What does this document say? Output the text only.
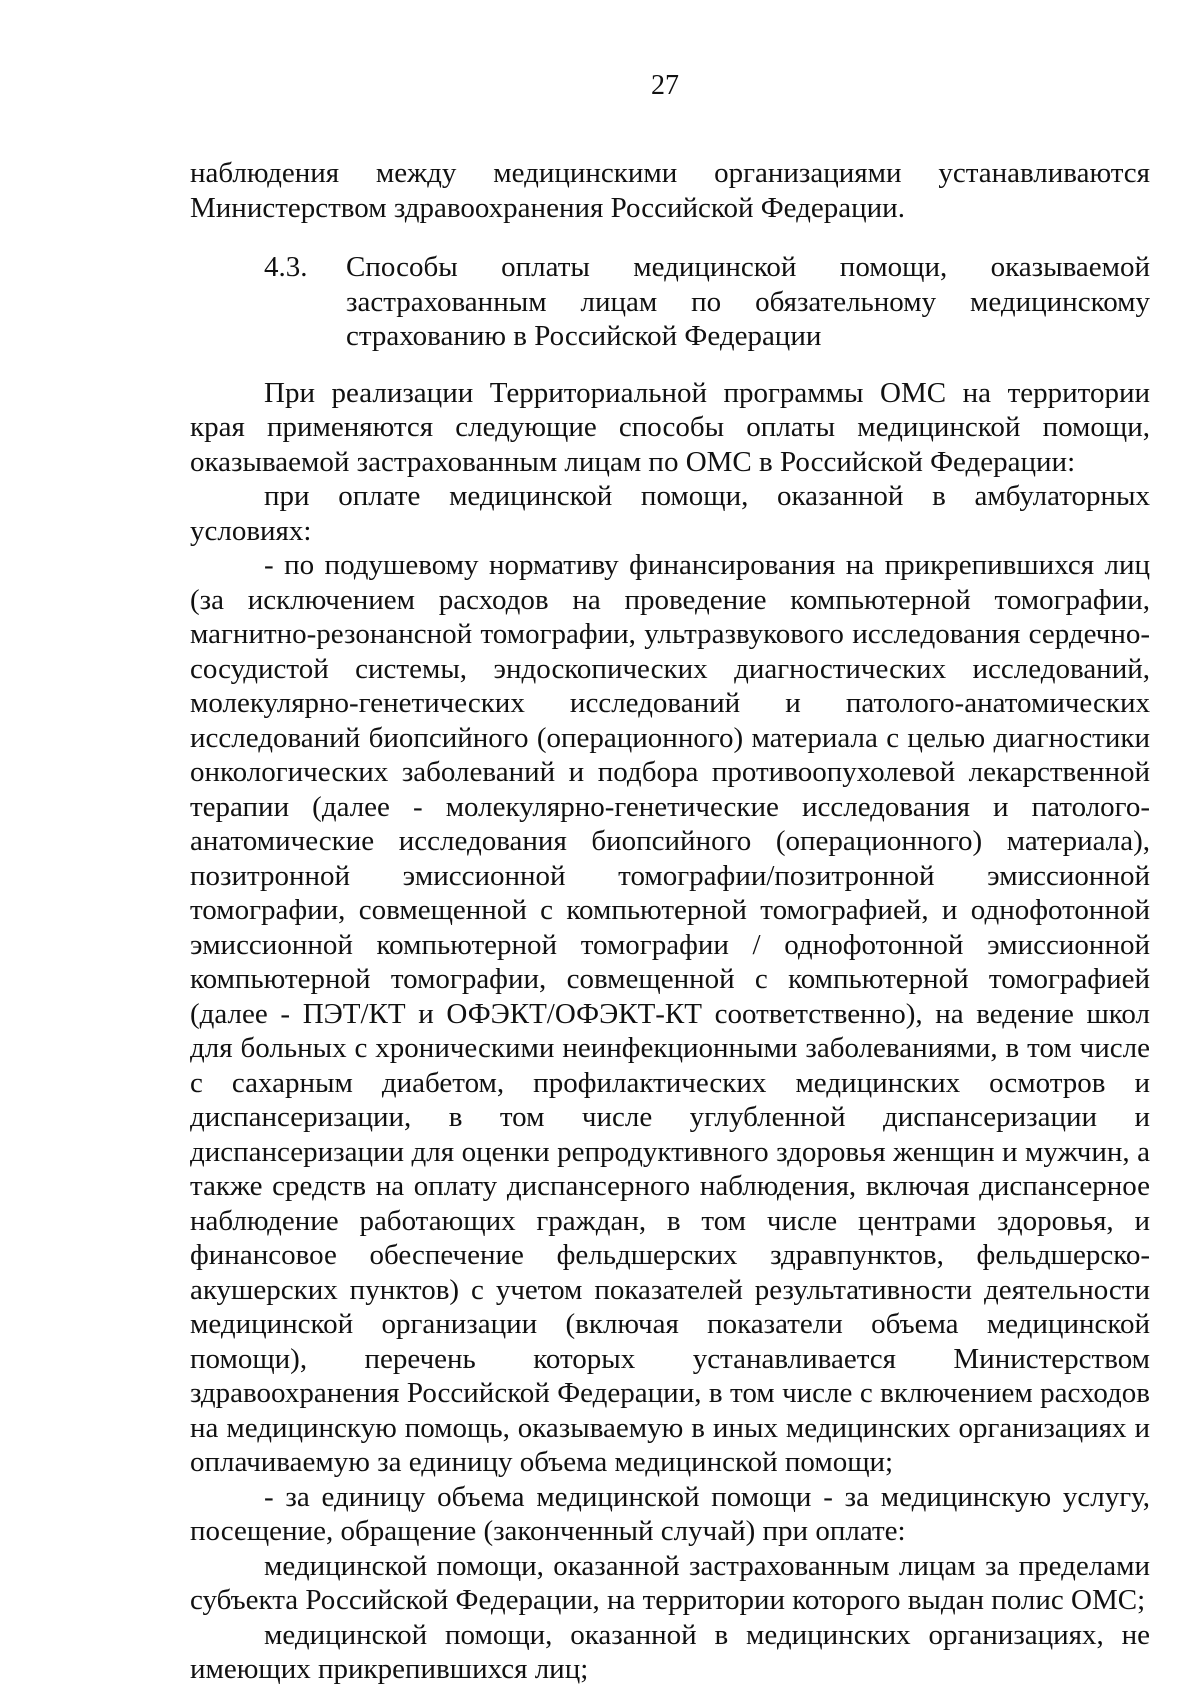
27

наблюдения между медицинскими организациями устанавливаются Министерством здравоохранения Российской Федерации.

4.3.	Способы оплаты медицинской помощи, оказываемой застрахованным лицам по обязательному медицинскому страхованию в Российской Федерации

При реализации Территориальной программы ОМС на территории края применяются следующие способы оплаты медицинской помощи, оказываемой застрахованным лицам по ОМС в Российской Федерации:

при оплате медицинской помощи, оказанной в амбулаторных условиях:

- по подушевому нормативу финансирования на прикрепившихся лиц (за исключением расходов на проведение компьютерной томографии, магнитно-резонансной томографии, ультразвукового исследования сердечно-сосудистой системы, эндоскопических диагностических исследований, молекулярно-генетических исследований и патолого-анатомических исследований биопсийного (операционного) материала с целью диагностики онкологических заболеваний и подбора противоопухолевой лекарственной терапии (далее - молекулярно-генетические исследования и патолого-анатомические исследования биопсийного (операционного) материала), позитронной эмиссионной томографии/позитронной эмиссионной томографии, совмещенной с компьютерной томографией, и однофотонной эмиссионной компьютерной томографии / однофотонной эмиссионной компьютерной томографии, совмещенной с компьютерной томографией (далее - ПЭТ/КТ и ОФЭКТ/ОФЭКТ-КТ соответственно), на ведение школ для больных с хроническими неинфекционными заболеваниями, в том числе с сахарным диабетом, профилактических медицинских осмотров и диспансеризации, в том числе углубленной диспансеризации и диспансеризации для оценки репродуктивного здоровья женщин и мужчин, а также средств на оплату диспансерного наблюдения, включая диспансерное наблюдение работающих граждан, в том числе центрами здоровья, и финансовое обеспечение фельдшерских здравпунктов, фельдшерско-акушерских пунктов) с учетом показателей результативности деятельности медицинской организации (включая показатели объема медицинской помощи), перечень которых устанавливается Министерством здравоохранения Российской Федерации, в том числе с включением расходов на медицинскую помощь, оказываемую в иных медицинских организациях и оплачиваемую за единицу объема медицинской помощи;

- за единицу объема медицинской помощи - за медицинскую услугу, посещение, обращение (законченный случай) при оплате:

медицинской помощи, оказанной застрахованным лицам за пределами субъекта Российской Федерации, на территории которого выдан полис ОМС;

медицинской помощи, оказанной в медицинских организациях, не имеющих прикрепившихся лиц;
